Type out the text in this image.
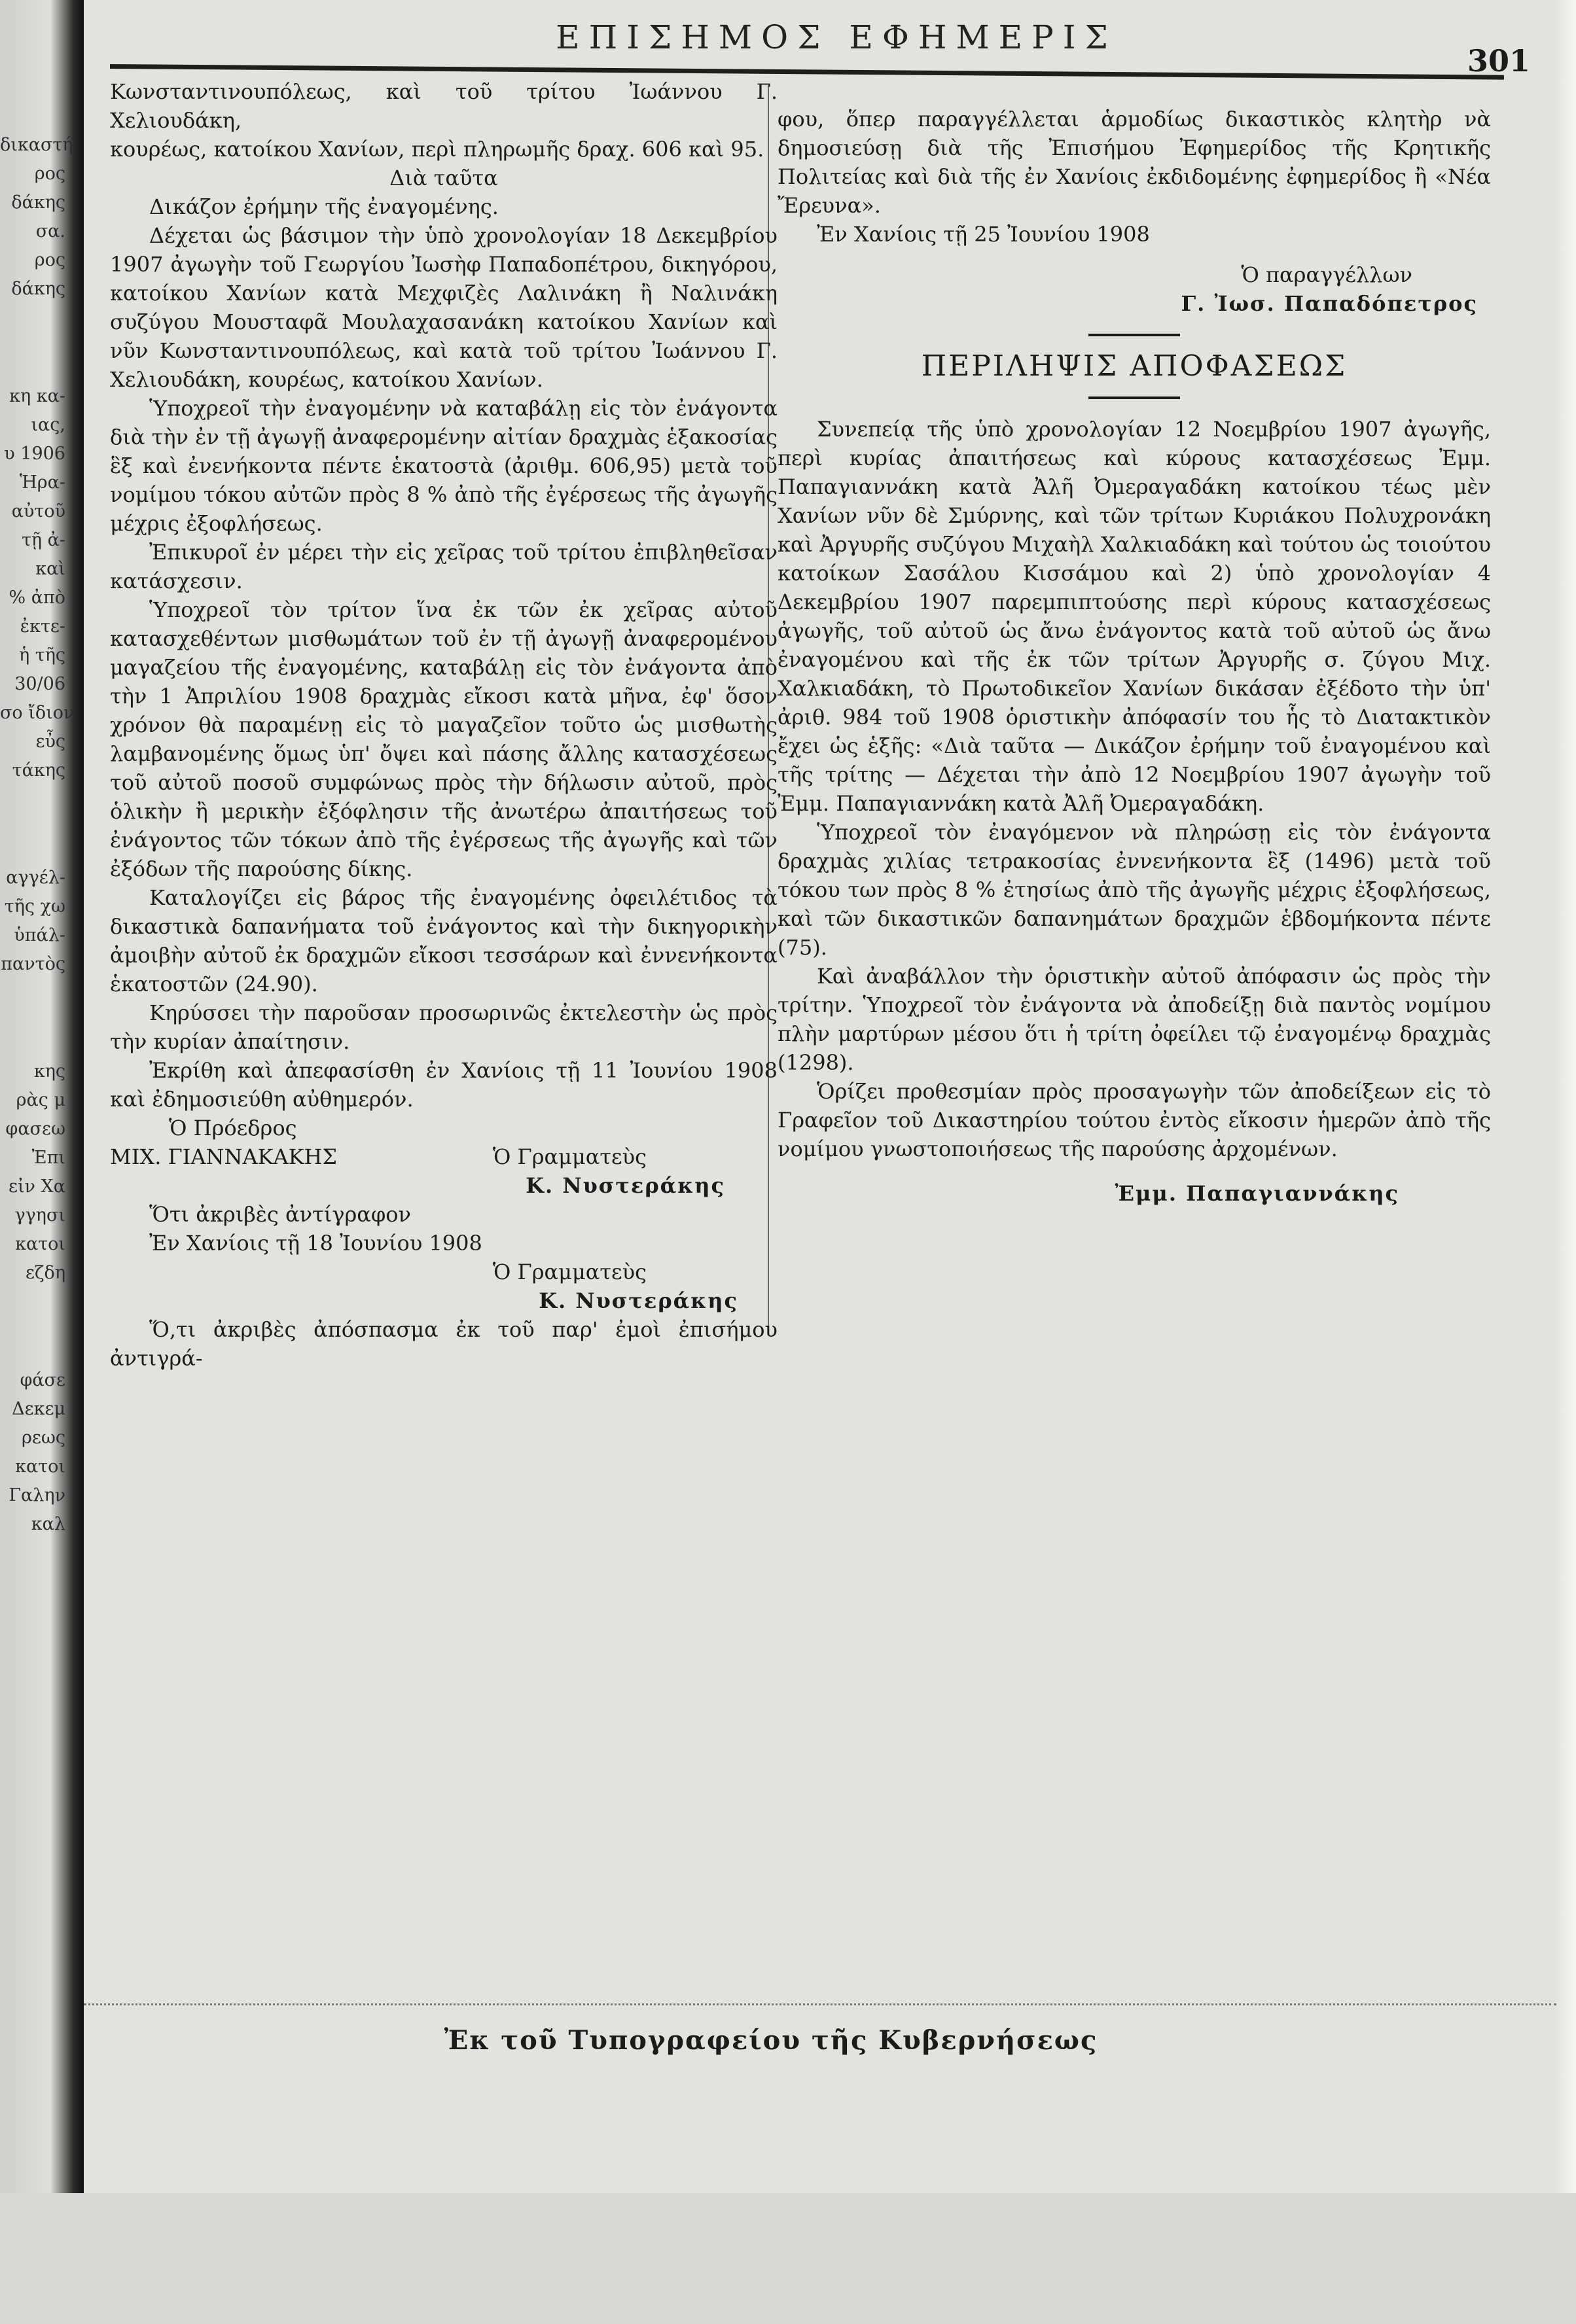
δικαστή
ρος
δάκης
σα.
ρος
δάκης
κη κα-
ιας,
υ 1906
Ἡρα-
αὐτοῦ
τῇ ἀ-
καὶ
% ἀπὸ
ἐκτε-
ἡ τῆς
30/06
σο ἴδιον
εὖς
τάκης
αγγέλ-
τῆς χω
ὑπάλ-
παντὸς
κης
ρὰς μ
φασεω
Ἐπι
εἰν Χα
γγησι
κατοι
εζδη
φάσε
Δεκεμ
ρεως
κατοι
Γαλην
καλ
ΕΠΙΣΗΜΟΣ ΕΦΗΜΕΡΙΣ
301

Κωνσταντινουπόλεως, καὶ τοῦ τρίτου Ἰωάννου Γ. Χελιουδάκη,

κουρέως, κατοίκου Χανίων, περὶ πληρωμῆς δραχ. 606 καὶ 95.

Διὰ ταῦτα

Δικάζον ἐρήμην τῆς ἐναγομένης.

Δέχεται ὡς βάσιμον τὴν ὑπὸ χρονολογίαν 18 Δεκεμβρίου 1907 ἀγωγὴν τοῦ Γεωργίου Ἰωσὴφ Παπαδοπέτρου, δικηγόρου, κατοίκου Χανίων κατὰ Μεχφιζὲς Λαλινάκη ἢ Ναλινάκη συζύγου Μουσταφᾶ Μουλαχασανάκη κατοίκου Χανίων καὶ νῦν Κωνσταντινουπόλεως, καὶ κατὰ τοῦ τρίτου Ἰωάννου Γ. Χελιουδάκη, κουρέως, κατοίκου Χανίων.

Ὑποχρεοῖ τὴν ἐναγομένην νὰ καταβάλῃ εἰς τὸν ἐνάγοντα διὰ τὴν ἐν τῇ ἀγωγῇ ἀναφερομένην αἰτίαν δραχμὰς ἑξακοσίας ἓξ καὶ ἐνενήκοντα πέντε ἑκατοστὰ (ἀριθμ. 606,95) μετὰ τοῦ νομίμου τόκου αὐτῶν πρὸς 8 % ἀπὸ τῆς ἐγέρσεως τῆς ἀγωγῆς μέχρις ἐξοφλήσεως.

Ἐπικυροῖ ἐν μέρει τὴν εἰς χεῖρας τοῦ τρίτου ἐπιβληθεῖσαν κατάσχεσιν.

Ὑποχρεοῖ τὸν τρίτον ἵνα ἐκ τῶν ἐκ χεῖρας αὐτοῦ κατασχεθέντων μισθωμάτων τοῦ ἐν τῇ ἀγωγῇ ἀναφερομένου μαγαζείου τῆς ἐναγομένης, καταβάλῃ εἰς τὸν ἐνάγοντα ἀπὸ τὴν 1 Ἀπριλίου 1908 δραχμὰς εἴκοσι κατὰ μῆνα, ἐφ' ὅσον χρόνον θὰ παραμένῃ εἰς τὸ μαγαζεῖον τοῦτο ὡς μισθωτὴς λαμβανομένης ὅμως ὑπ' ὄψει καὶ πάσης ἄλλης κατασχέσεως τοῦ αὐτοῦ ποσοῦ συμφώνως πρὸς τὴν δήλωσιν αὐτοῦ, πρὸς ὁλικὴν ἢ μερικὴν ἐξόφλησιν τῆς ἀνωτέρω ἀπαιτήσεως τοῦ ἐνάγοντος τῶν τόκων ἀπὸ τῆς ἐγέρσεως τῆς ἀγωγῆς καὶ τῶν ἐξόδων τῆς παρούσης δίκης.

Καταλογίζει εἰς βάρος τῆς ἐναγομένης ὀφειλέτιδος τὰ δικαστικὰ δαπανήματα τοῦ ἐνάγοντος καὶ τὴν δικηγορικὴν ἀμοιβὴν αὐτοῦ ἐκ δραχμῶν εἴκοσι τεσσάρων καὶ ἐννενήκοντα ἑκατοστῶν (24.90).

Κηρύσσει τὴν παροῦσαν προσωρινῶς ἐκτελεστὴν ὡς πρὸς τὴν κυρίαν ἀπαίτησιν.

Ἐκρίθη καὶ ἀπεφασίσθη ἐν Χανίοις τῇ 11 Ἰουνίου 1908 καὶ ἐδημοσιεύθη αὐθημερόν.

Ὁ Πρόεδρος

ΜΙΧ. ΓΙΑΝΝΑΚΑΚΗΣ	Ὁ Γραμματεὺς

Κ. Νυστεράκης

Ὅτι ἀκριβὲς ἀντίγραφον

Ἐν Χανίοις τῇ 18 Ἰουνίου 1908

Ὁ Γραμματεὺς

Κ. Νυστεράκης

Ὅ,τι ἀκριβὲς ἀπόσπασμα ἐκ τοῦ παρ' ἐμοὶ ἐπισήμου ἀντιγρά-

φου, ὅπερ παραγγέλλεται ἁρμοδίως δικαστικὸς κλητὴρ νὰ δημοσιεύσῃ διὰ τῆς Ἐπισήμου Ἐφημερίδος τῆς Κρητικῆς Πολιτείας καὶ διὰ τῆς ἐν Χανίοις ἐκδιδομένης ἐφημερίδος ἢ «Νέα Ἔρευνα».

Ἐν Χανίοις τῇ 25 Ἰουνίου 1908

Ὁ παραγγέλλων

Γ. Ἰωσ. Παπαδόπετρος

ΠΕΡΙΛΗΨΙΣ ΑΠΟΦΑΣΕΩΣ

Συνεπείᾳ τῆς ὑπὸ χρονολογίαν 12 Νοεμβρίου 1907 ἀγωγῆς, περὶ κυρίας ἀπαιτήσεως καὶ κύρους κατασχέσεως Ἐμμ. Παπαγιαννάκη κατὰ Ἀλῆ Ὀμεραγαδάκη κατοίκου τέως μὲν Χανίων νῦν δὲ Σμύρνης, καὶ τῶν τρίτων Κυριάκου Πολυχρονάκη καὶ Ἀργυρῆς συζύγου Μιχαὴλ Χαλκιαδάκη καὶ τούτου ὡς τοιούτου κατοίκων Σασάλου Κισσάμου καὶ 2) ὑπὸ χρονολογίαν 4 Δεκεμβρίου 1907 παρεμπιπτούσης περὶ κύρους κατασχέσεως ἀγωγῆς, τοῦ αὐτοῦ ὡς ἄνω ἐνάγοντος κατὰ τοῦ αὐτοῦ ὡς ἄνω ἐναγομένου καὶ τῆς ἐκ τῶν τρίτων Ἀργυρῆς σ. ζύγου Μιχ. Χαλκιαδάκη, τὸ Πρωτοδικεῖον Χανίων δικάσαν ἐξέδοτο τὴν ὑπ' ἀριθ. 984 τοῦ 1908 ὁριστικὴν ἀπόφασίν του ἧς τὸ Διατακτικὸν ἔχει ὡς ἑξῆς: «Διὰ ταῦτα — Δικάζον ἐρήμην τοῦ ἐναγομένου καὶ τῆς τρίτης — Δέχεται τὴν ἀπὸ 12 Νοεμβρίου 1907 ἀγωγὴν τοῦ Ἐμμ. Παπαγιαννάκη κατὰ Ἀλῆ Ὀμεραγαδάκη.

Ὑποχρεοῖ τὸν ἐναγόμενον νὰ πληρώσῃ εἰς τὸν ἐνάγοντα δραχμὰς χιλίας τετρακοσίας ἐννενήκοντα ἓξ (1496) μετὰ τοῦ τόκου των πρὸς 8 % ἐτησίως ἀπὸ τῆς ἀγωγῆς μέχρις ἐξοφλήσεως, καὶ τῶν δικαστικῶν δαπανημάτων δραχμῶν ἑβδομήκοντα πέντε (75).

Καὶ ἀναβάλλον τὴν ὁριστικὴν αὐτοῦ ἀπόφασιν ὡς πρὸς τὴν τρίτην. Ὑποχρεοῖ τὸν ἐνάγοντα νὰ ἀποδείξῃ διὰ παντὸς νομίμου πλὴν μαρτύρων μέσου ὅτι ἡ τρίτη ὀφείλει τῷ ἐναγομένῳ δραχμὰς (1298).

Ὁρίζει προθεσμίαν πρὸς προσαγωγὴν τῶν ἀποδείξεων εἰς τὸ Γραφεῖον τοῦ Δικαστηρίου τούτου ἐντὸς εἴκοσιν ἡμερῶν ἀπὸ τῆς νομίμου γνωστοποιήσεως τῆς παρούσης ἀρχομένων.

Ἐμμ. Παπαγιαννάκης

Ἐκ τοῦ Τυπογραφείου τῆς Κυβερνήσεως
